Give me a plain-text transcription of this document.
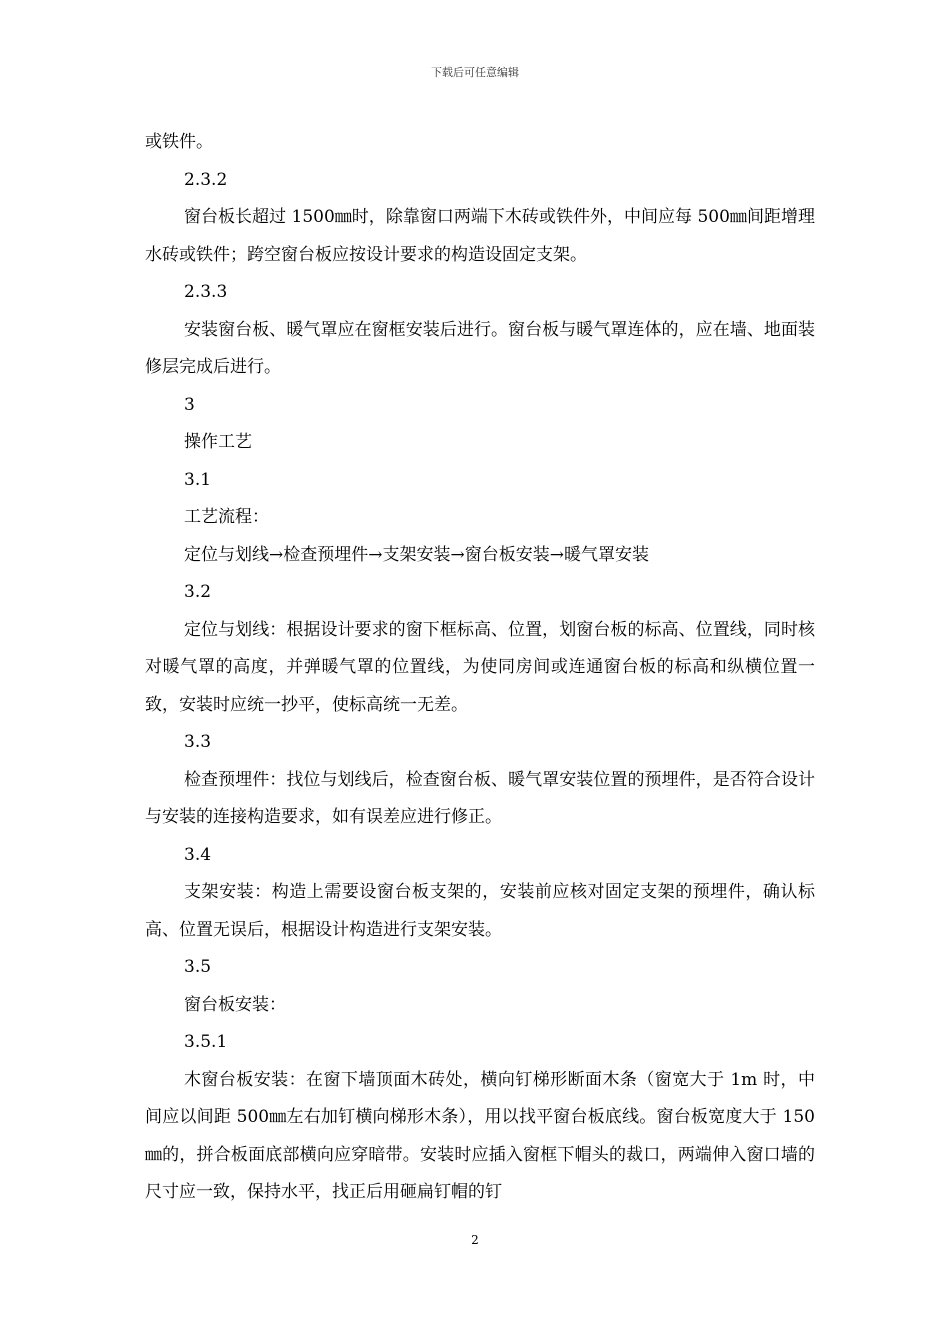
下载后可任意编辑

或铁件。

2.3.2

窗台板长超过 1500㎜时，除靠窗口两端下木砖或铁件外，中间应每 500㎜间距增理水砖或铁件；跨空窗台板应按设计要求的构造设固定支架。

2.3.3

安装窗台板、暖气罩应在窗框安装后进行。窗台板与暖气罩连体的，应在墙、地面装修层完成后进行。

3

操作工艺

3.1

工艺流程：

定位与划线→检查预埋件→支架安装→窗台板安装→暖气罩安装

3.2

定位与划线：根据设计要求的窗下框标高、位置，划窗台板的标高、位置线，同时核对暖气罩的高度，并弹暖气罩的位置线，为使同房间或连通窗台板的标高和纵横位置一致，安装时应统一抄平，使标高统一无差。

3.3

检查预埋件：找位与划线后，检查窗台板、暖气罩安装位置的预埋件，是否符合设计与安装的连接构造要求，如有误差应进行修正。

3.4

支架安装：构造上需要设窗台板支架的，安装前应核对固定支架的预埋件，确认标高、位置无误后，根据设计构造进行支架安装。

3.5

窗台板安装：

3.5.1

木窗台板安装：在窗下墙顶面木砖处，横向钉梯形断面木条（窗宽大于 1m 时，中间应以间距 500㎜左右加钉横向梯形木条），用以找平窗台板底线。窗台板宽度大于 150㎜的，拼合板面底部横向应穿暗带。安装时应插入窗框下帽头的裁口，两端伸入窗口墙的尺寸应一致，保持水平，找正后用砸扁钉帽的钉

2
